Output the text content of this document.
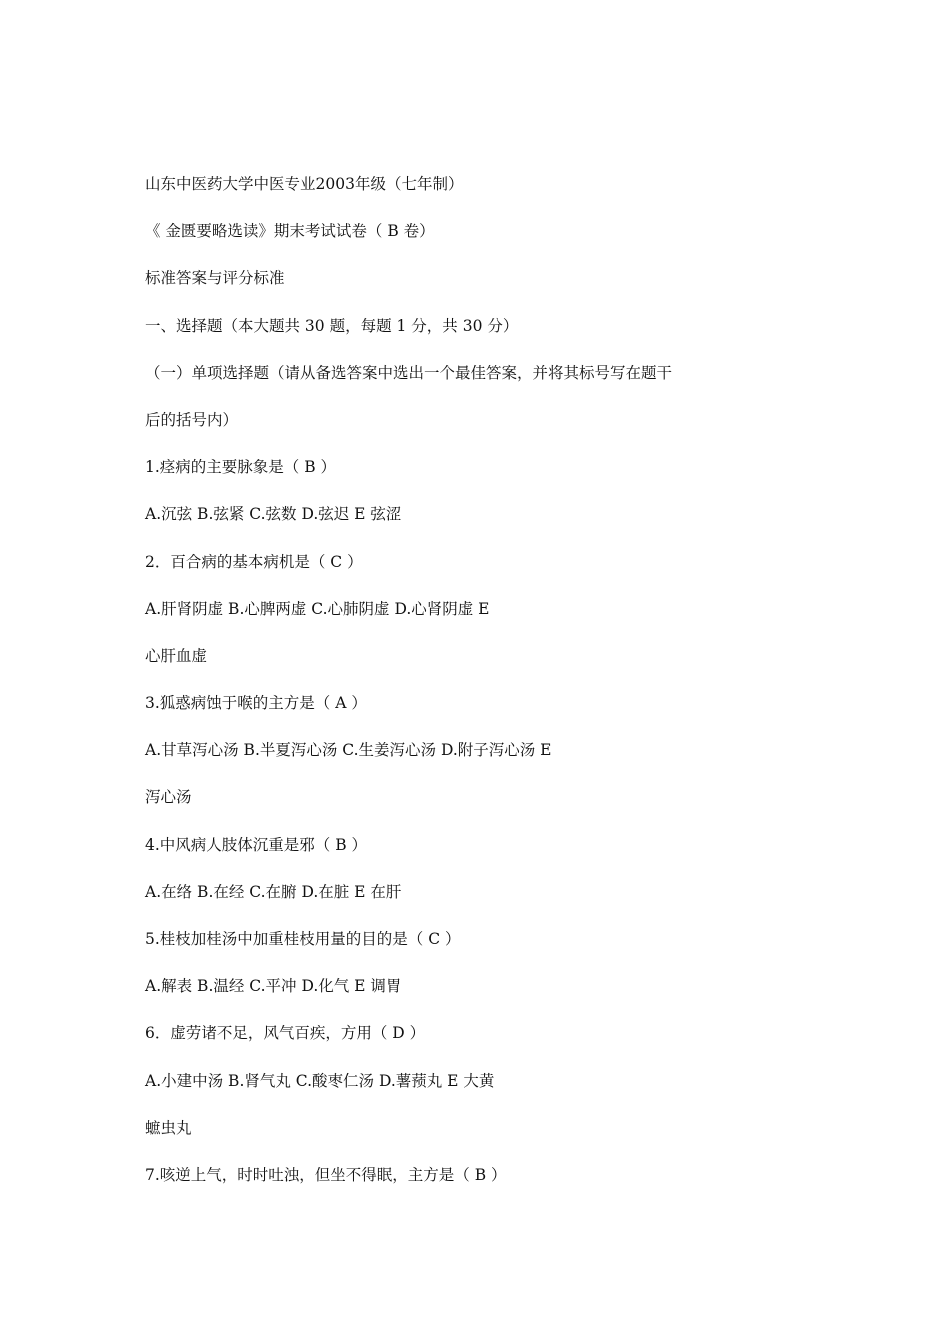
山东中医药大学中医专业2003年级（七年制）
《 金匮要略选读》期末考试试卷（ B 卷）
标准答案与评分标准
一、选择题（本大题共 30 题，每题 1 分，共 30 分）
（一）单项选择题（请从备选答案中选出一个最佳答案，并将其标号写在题干
后的括号内）
1.痉病的主要脉象是（ B ）
A.沉弦 B.弦紧 C.弦数 D.弦迟 E 弦涩
2．百合病的基本病机是（ C ）
A.肝肾阴虚 B.心脾两虚 C.心肺阴虚 D.心肾阴虚 E
心肝血虚
3.狐惑病蚀于喉的主方是（ A ）
A.甘草泻心汤 B.半夏泻心汤 C.生姜泻心汤 D.附子泻心汤 E
泻心汤
4.中风病人肢体沉重是邪（ B ）
A.在络 B.在经 C.在腑 D.在脏 E 在肝
5.桂枝加桂汤中加重桂枝用量的目的是（ C ）
A.解表 B.温经 C.平冲 D.化气 E 调胃
6．虚劳诸不足，风气百疾，方用（ D ）
A.小建中汤 B.肾气丸 C.酸枣仁汤 D.薯蓣丸 E 大黄
蟅虫丸
7.咳逆上气，时时吐浊，但坐不得眠，主方是（ B ）
